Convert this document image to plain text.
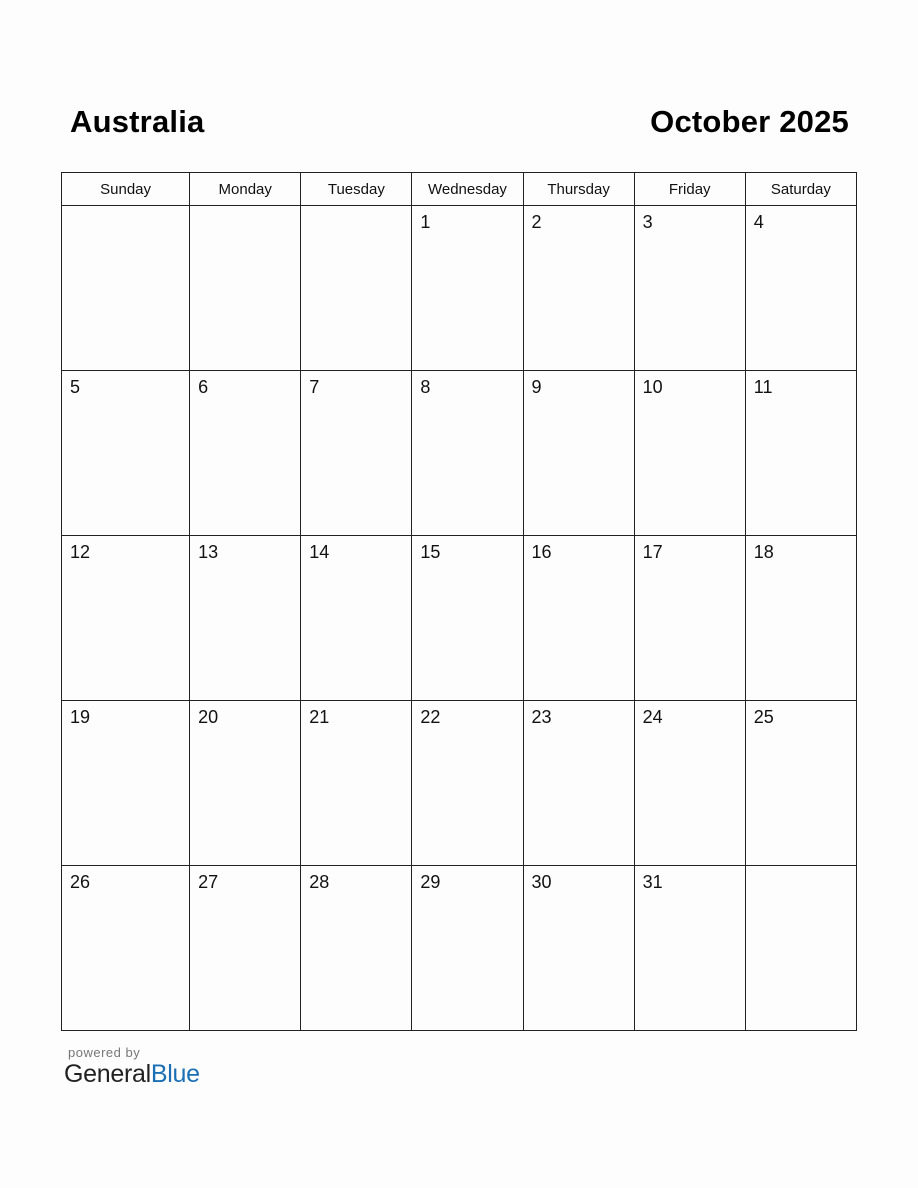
Australia	October 2025
Sunday	Monday	Tuesday	Wednesday	Thursday	Friday	Saturday

			1	2	3	4

5	6	7	8	9	10	11

12	13	14	15	16	17	18

19	20	21	22	23	24	25

26	27	28	29	30	31	

powered by
GeneralBlue
